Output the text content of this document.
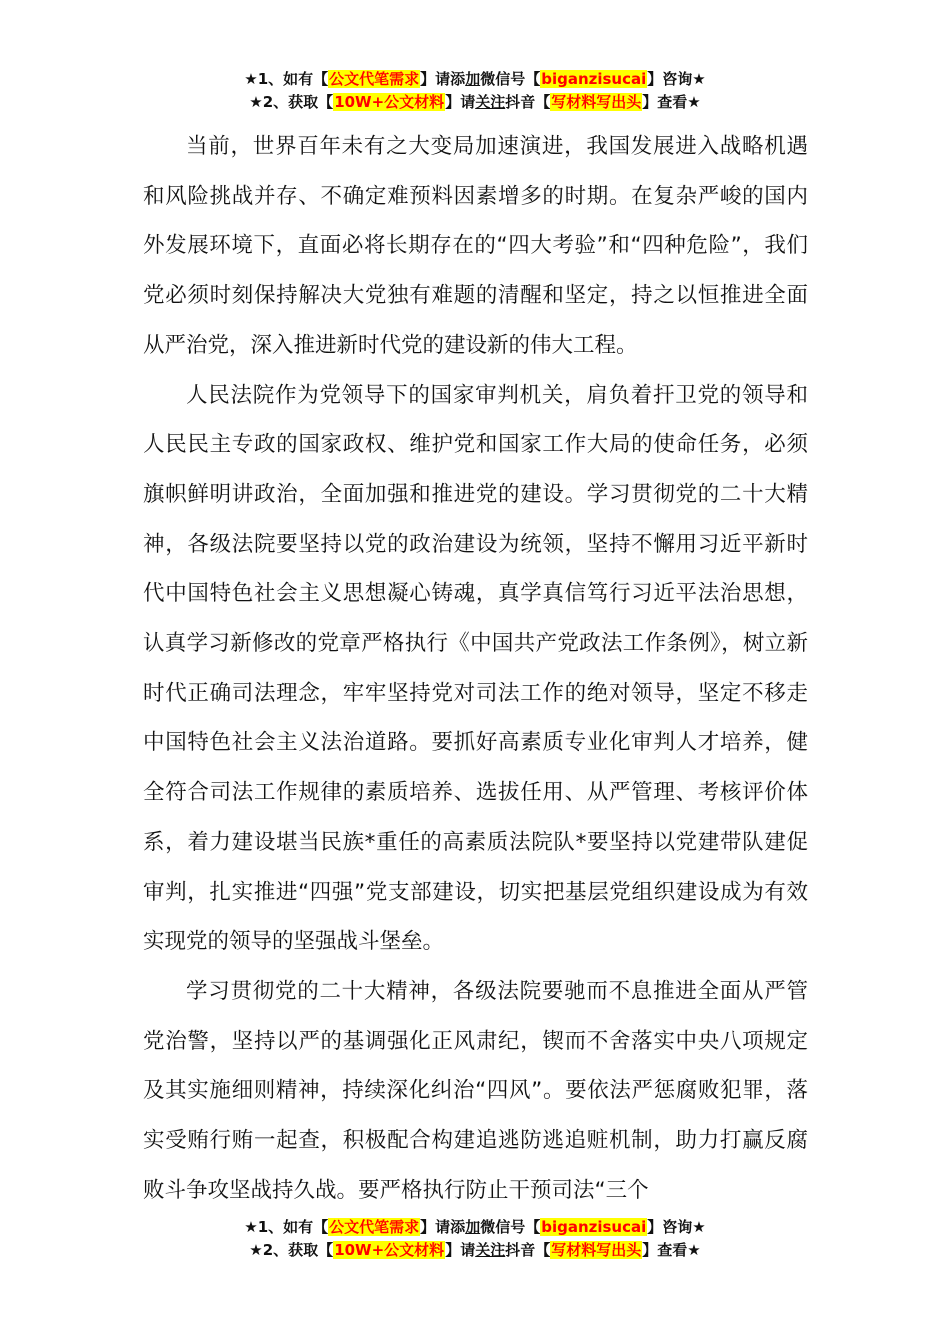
★1、如有【公文代笔需求】请添加微信号【biganzisucai】咨询★
★2、获取【10W+公文材料】请关注抖音【写材料写出头】查看★

当前，世界百年未有之大变局加速演进，我国发展进入战略机遇和风险挑战并存、不确定难预料因素增多的时期。在复杂严峻的国内外发展环境下，直面必将长期存在的“四大考验”和“四种危险”，我们党必须时刻保持解决大党独有难题的清醒和坚定，持之以恒推进全面从严治党，深入推进新时代党的建设新的伟大工程。

人民法院作为党领导下的国家审判机关，肩负着扞卫党的领导和人民民主专政的国家政权、维护党和国家工作大局的使命任务，必须旗帜鲜明讲政治，全面加强和推进党的建设。学习贯彻党的二十大精神，各级法院要坚持以党的政治建设为统领，坚持不懈用习近平新时代中国特色社会主义思想凝心铸魂，真学真信笃行习近平法治思想，认真学习新修改的党章严格执行《中国共产党政法工作条例》，树立新时代正确司法理念，牢牢坚持党对司法工作的绝对领导，坚定不移走中国特色社会主义法治道路。要抓好高素质专业化审判人才培养，健全符合司法工作规律的素质培养、选拔任用、从严管理、考核评价体系，着力建设堪当民族*重任的高素质法院队*要坚持以党建带队建促审判，扎实推进“四强”党支部建设，切实把基层党组织建设成为有效实现党的领导的坚强战斗堡垒。

学习贯彻党的二十大精神，各级法院要驰而不息推进全面从严管党治警，坚持以严的基调强化正风肃纪，锲而不舍落实中央八项规定及其实施细则精神，持续深化纠治“四风”。要依法严惩腐败犯罪，落实受贿行贿一起查，积极配合构建追逃防逃追赃机制，助力打赢反腐败斗争攻坚战持久战。要严格执行防止干预司法“三个

★1、如有【公文代笔需求】请添加微信号【biganzisucai】咨询★
★2、获取【10W+公文材料】请关注抖音【写材料写出头】查看★
